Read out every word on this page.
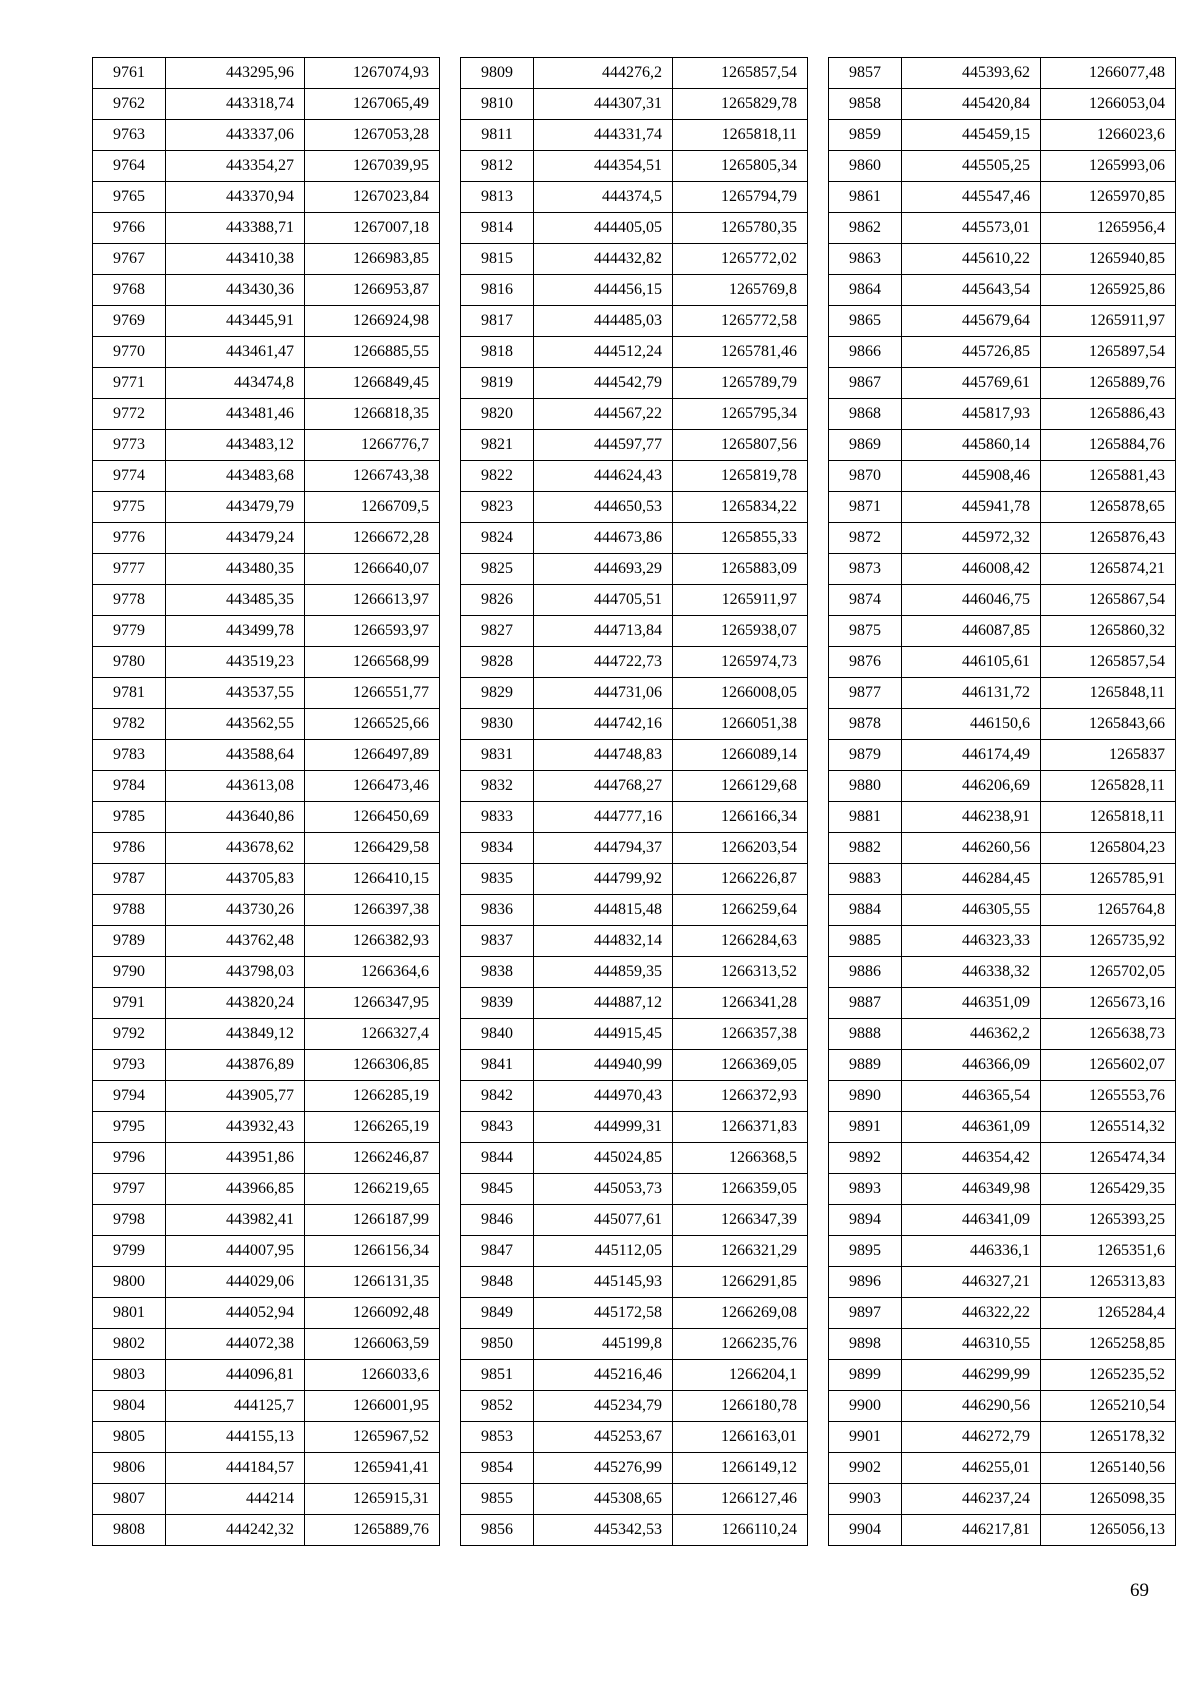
9761	443295,96	1267074,93
9762	443318,74	1267065,49
9763	443337,06	1267053,28
9764	443354,27	1267039,95
9765	443370,94	1267023,84
9766	443388,71	1267007,18
9767	443410,38	1266983,85
9768	443430,36	1266953,87
9769	443445,91	1266924,98
9770	443461,47	1266885,55
9771	443474,8	1266849,45
9772	443481,46	1266818,35
9773	443483,12	1266776,7
9774	443483,68	1266743,38
9775	443479,79	1266709,5
9776	443479,24	1266672,28
9777	443480,35	1266640,07
9778	443485,35	1266613,97
9779	443499,78	1266593,97
9780	443519,23	1266568,99
9781	443537,55	1266551,77
9782	443562,55	1266525,66
9783	443588,64	1266497,89
9784	443613,08	1266473,46
9785	443640,86	1266450,69
9786	443678,62	1266429,58
9787	443705,83	1266410,15
9788	443730,26	1266397,38
9789	443762,48	1266382,93
9790	443798,03	1266364,6
9791	443820,24	1266347,95
9792	443849,12	1266327,4
9793	443876,89	1266306,85
9794	443905,77	1266285,19
9795	443932,43	1266265,19
9796	443951,86	1266246,87
9797	443966,85	1266219,65
9798	443982,41	1266187,99
9799	444007,95	1266156,34
9800	444029,06	1266131,35
9801	444052,94	1266092,48
9802	444072,38	1266063,59
9803	444096,81	1266033,6
9804	444125,7	1266001,95
9805	444155,13	1265967,52
9806	444184,57	1265941,41
9807	444214	1265915,31
9808	444242,32	1265889,76
9809	444276,2	1265857,54
9810	444307,31	1265829,78
9811	444331,74	1265818,11
9812	444354,51	1265805,34
9813	444374,5	1265794,79
9814	444405,05	1265780,35
9815	444432,82	1265772,02
9816	444456,15	1265769,8
9817	444485,03	1265772,58
9818	444512,24	1265781,46
9819	444542,79	1265789,79
9820	444567,22	1265795,34
9821	444597,77	1265807,56
9822	444624,43	1265819,78
9823	444650,53	1265834,22
9824	444673,86	1265855,33
9825	444693,29	1265883,09
9826	444705,51	1265911,97
9827	444713,84	1265938,07
9828	444722,73	1265974,73
9829	444731,06	1266008,05
9830	444742,16	1266051,38
9831	444748,83	1266089,14
9832	444768,27	1266129,68
9833	444777,16	1266166,34
9834	444794,37	1266203,54
9835	444799,92	1266226,87
9836	444815,48	1266259,64
9837	444832,14	1266284,63
9838	444859,35	1266313,52
9839	444887,12	1266341,28
9840	444915,45	1266357,38
9841	444940,99	1266369,05
9842	444970,43	1266372,93
9843	444999,31	1266371,83
9844	445024,85	1266368,5
9845	445053,73	1266359,05
9846	445077,61	1266347,39
9847	445112,05	1266321,29
9848	445145,93	1266291,85
9849	445172,58	1266269,08
9850	445199,8	1266235,76
9851	445216,46	1266204,1
9852	445234,79	1266180,78
9853	445253,67	1266163,01
9854	445276,99	1266149,12
9855	445308,65	1266127,46
9856	445342,53	1266110,24
9857	445393,62	1266077,48
9858	445420,84	1266053,04
9859	445459,15	1266023,6
9860	445505,25	1265993,06
9861	445547,46	1265970,85
9862	445573,01	1265956,4
9863	445610,22	1265940,85
9864	445643,54	1265925,86
9865	445679,64	1265911,97
9866	445726,85	1265897,54
9867	445769,61	1265889,76
9868	445817,93	1265886,43
9869	445860,14	1265884,76
9870	445908,46	1265881,43
9871	445941,78	1265878,65
9872	445972,32	1265876,43
9873	446008,42	1265874,21
9874	446046,75	1265867,54
9875	446087,85	1265860,32
9876	446105,61	1265857,54
9877	446131,72	1265848,11
9878	446150,6	1265843,66
9879	446174,49	1265837
9880	446206,69	1265828,11
9881	446238,91	1265818,11
9882	446260,56	1265804,23
9883	446284,45	1265785,91
9884	446305,55	1265764,8
9885	446323,33	1265735,92
9886	446338,32	1265702,05
9887	446351,09	1265673,16
9888	446362,2	1265638,73
9889	446366,09	1265602,07
9890	446365,54	1265553,76
9891	446361,09	1265514,32
9892	446354,42	1265474,34
9893	446349,98	1265429,35
9894	446341,09	1265393,25
9895	446336,1	1265351,6
9896	446327,21	1265313,83
9897	446322,22	1265284,4
9898	446310,55	1265258,85
9899	446299,99	1265235,52
9900	446290,56	1265210,54
9901	446272,79	1265178,32
9902	446255,01	1265140,56
9903	446237,24	1265098,35
9904	446217,81	1265056,13
69
